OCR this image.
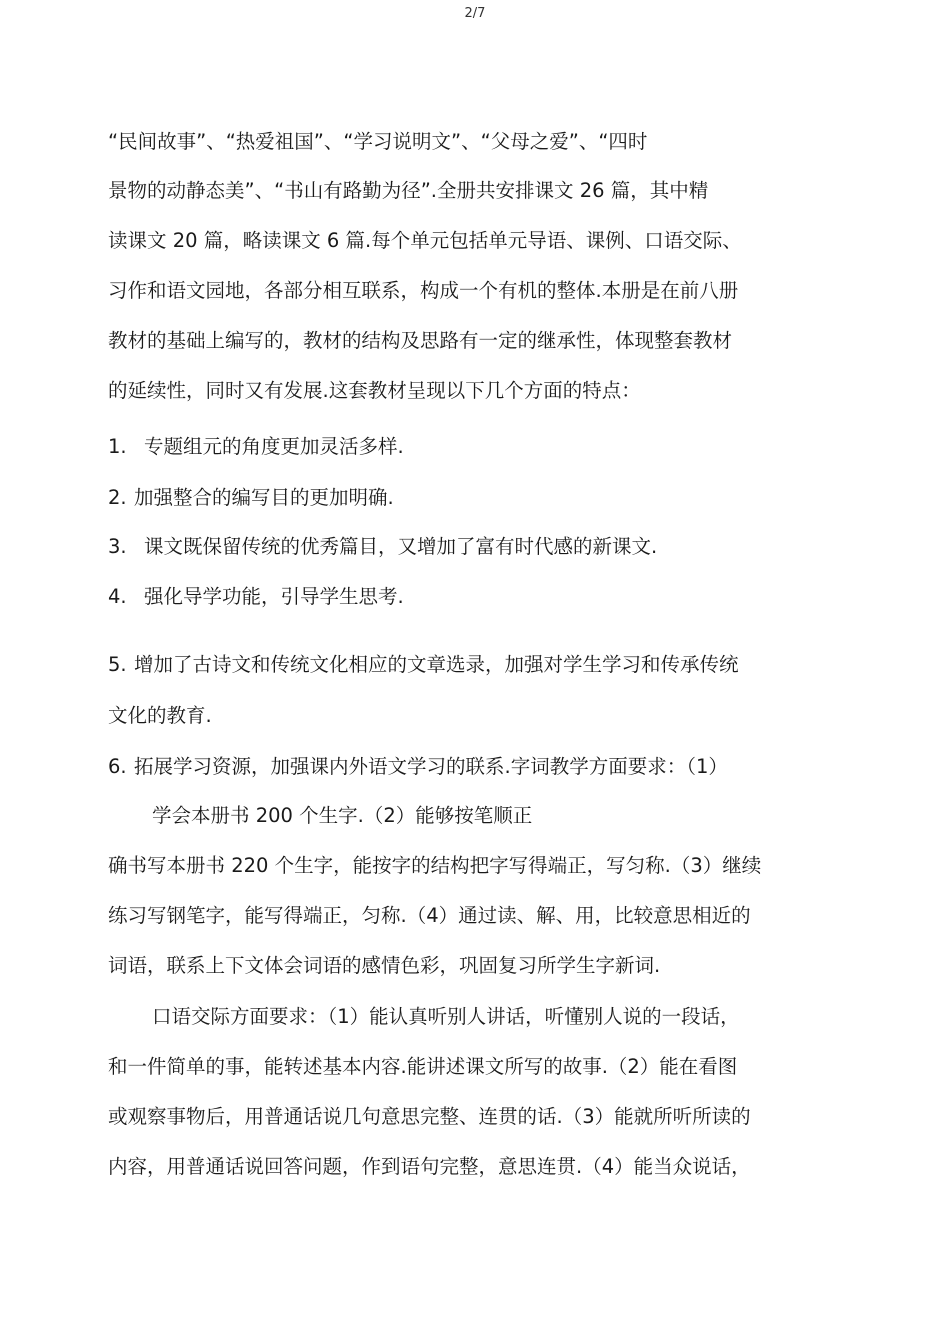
2/7
“民间故事”、“热爱祖国”、“学习说明文”、“父母之爱”、“四时
景物的动静态美”、“书山有路勤为径”.全册共安排课文 26 篇，其中精
读课文 20 篇，略读课文 6 篇.每个单元包括单元导语、课例、口语交际、
习作和语文园地，各部分相互联系，构成一个有机的整体.本册是在前八册
教材的基础上编写的，教材的结构及思路有一定的继承性，体现整套教材
的延续性，同时又有发展.这套教材呈现以下几个方面的特点：
1. 专题组元的角度更加灵活多样.
2. 加强整合的编写目的更加明确.
3. 课文既保留传统的优秀篇目，又增加了富有时代感的新课文.
4. 强化导学功能，引导学生思考.
5. 增加了古诗文和传统文化相应的文章选录，加强对学生学习和传承传统
文化的教育.
6. 拓展学习资源，加强课内外语文学习的联系.字词教学方面要求：（1）
学会本册书 200 个生字.（2）能够按笔顺正
确书写本册书 220 个生字，能按字的结构把字写得端正，写匀称.（3）继续
练习写钢笔字，能写得端正，匀称.（4）通过读、解、用，比较意思相近的
词语，联系上下文体会词语的感情色彩，巩固复习所学生字新词.
口语交际方面要求：（1）能认真听别人讲话，听懂别人说的一段话，
和一件简单的事，能转述基本内容.能讲述课文所写的故事.（2）能在看图
或观察事物后，用普通话说几句意思完整、连贯的话.（3）能就所听所读的
内容，用普通话说回答问题，作到语句完整，意思连贯.（4）能当众说话，
